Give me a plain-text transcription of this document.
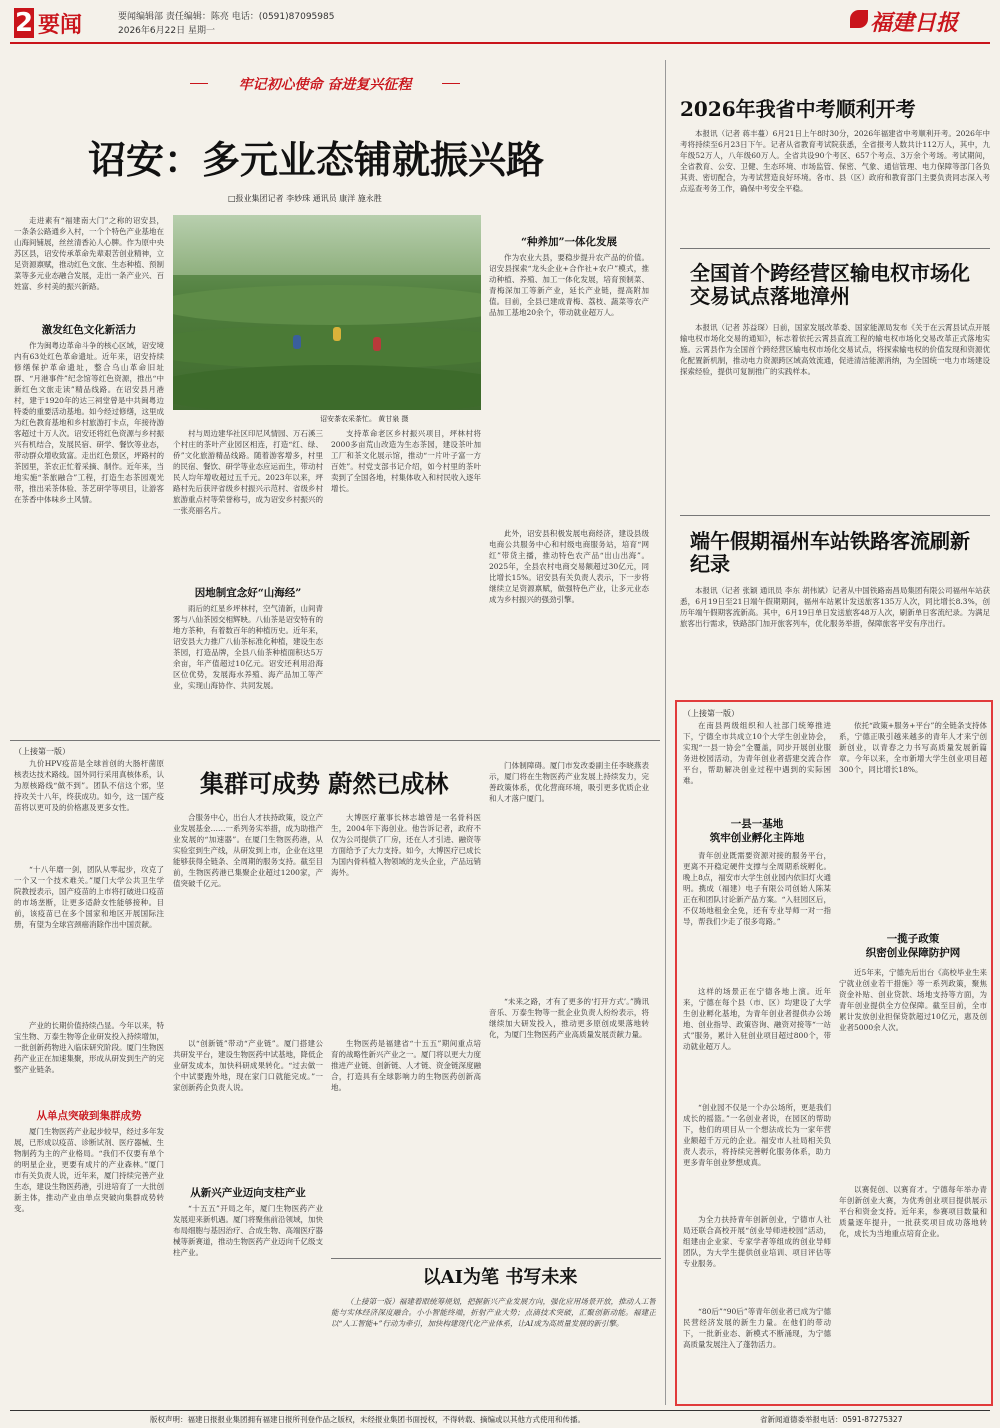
2 要闻	要闻编辑部 责任编辑：陈亮 电话：(0591)87095985
2026年6月22日 星期一	福建日报
牢记初心使命 奋进复兴征程
诏安：多元业态铺就振兴路
□报业集团记者 李妙珠 通讯员 康洋 施永胜
走进素有“福建南大门”之称的诏安县，一条条公路通乡入村，一个个特色产业基地在山海间铺展，丝丝清香沁人心脾。作为原中央苏区县，诏安传承革命先辈艰苦创业精神，立足资源禀赋，推动红色文旅、生态种植、预制菜等多元业态融合发展，走出一条产业兴、百姓富、乡村美的振兴新路。
激发红色文化新活力
作为闽粤边革命斗争的核心区域，诏安境内有63处红色革命遗址。近年来，诏安持续修缮保护革命遗址，整合乌山革命旧址群、“月港事件”纪念馆等红色资源，推出“中新红色文旅走读”精品线路。在诏安县月港村，建于1920年的达三祠堂曾是中共闽粤边特委的重要活动基地。如今经过修缮，这里成为红色教育基地和乡村旅游打卡点，年接待游客超过十万人次。诏安还将红色资源与乡村振兴有机结合，发展民宿、研学、餐饮等业态，带动群众增收致富。走出红色景区，坪路村的茶园里，茶农正忙着采摘、制作。近年来，当地实施“茶旅融合”工程，打造生态茶园观光带，推出采茶体验、茶艺研学等项目，让游客在茶香中体味乡土风情。
诏安茶农采茶忙。 黄甘泉 摄
村与周边建华社区印尼风情园、万石溪三个村庄的茶叶产业园区相连，打造“红、绿、侨”文化旅游精品线路。随着游客增多，村里的民宿、餐饮、研学等业态应运而生，带动村民人均年增收超过五千元。2023年以来，坪路村先后获评省级乡村振兴示范村、省级乡村旅游重点村等荣誉称号，成为诏安乡村振兴的一张亮丽名片。
因地制宜念好“山海经”
雨后的红星乡坪林村，空气清新，山间青雾与八仙茶园交相辉映。八仙茶是诏安特有的地方茶种，有着数百年的种植历史。近年来，诏安县大力推广八仙茶标准化种植，建设生态茶园，打造品牌，全县八仙茶种植面积达5万余亩，年产值超过10亿元。诏安还利用沿海区位优势，发展海水养殖、海产品加工等产业，实现山海协作、共同发展。
支持革命老区乡村振兴项目，坪林村将2000多亩荒山改造为生态茶园，建设茶叶加工厂和茶文化展示馆，推动“一片叶子富一方百姓”。村党支部书记介绍，如今村里的茶叶卖到了全国各地，村集体收入和村民收入逐年增长。
“种养加”一体化发展
作为农业大县，要稳步提升农产品的价值。诏安县探索“龙头企业+合作社+农户”模式，推动种植、养殖、加工一体化发展，培育预制菜、青梅深加工等新产业，延长产业链，提高附加值。目前，全县已建成青梅、荔枝、蔬菜等农产品加工基地20余个，带动就业超万人。
此外，诏安县积极发展电商经济，建设县级电商公共服务中心和村级电商服务站，培育“网红”带货主播，推动特色农产品“出山出海”。2025年，全县农村电商交易额超过30亿元，同比增长15%。诏安县有关负责人表示，下一步将继续立足资源禀赋，做强特色产业，让多元业态成为乡村振兴的强劲引擎。
2026年我省中考顺利开考
本报讯（记者 蒋丰蔓）6月21日上午8时30分，2026年福建省中考顺利开考。2026年中考将持续至6月23日下午。记者从省教育考试院获悉，全省报考人数共计112万人，其中，九年级52万人，八年级60万人。全省共设90个考区、657个考点、3万余个考场。考试期间，全省教育、公安、卫健、生态环境、市场监管、保密、气象、通信管理、电力保障等部门各负其责、密切配合，为考试营造良好环境。各市、县（区）政府和教育部门主要负责同志深入考点巡查考务工作，确保中考安全平稳。
全国首个跨经营区输电权市场化交易试点落地漳州
本报讯（记者 苏益琛）日前，国家发展改革委、国家能源局发布《关于在云霄县试点开展输电权市场化交易的通知》，标志着依托云霄县直流工程的输电权市场化交易改革正式落地实施。云霄县作为全国首个跨经营区输电权市场化交易试点，将探索输电权的价值发现和资源优化配置新机制，推动电力资源跨区域高效流通，促进清洁能源消纳，为全国统一电力市场建设探索经验，提供可复制推广的实践样本。
端午假期福州车站铁路客流刷新纪录
本报讯（记者 张颖 通讯员 李东 胡伟斌）记者从中国铁路南昌局集团有限公司福州车站获悉，6月19日至21日端午假期期间，福州车站累计发送旅客135万人次，同比增长8.3%，创历年端午假期客流新高。其中，6月19日单日发送旅客48万人次，刷新单日客流纪录。为满足旅客出行需求，铁路部门加开旅客列车，优化服务举措，保障旅客平安有序出行。
（上接第一版）
在南县两级组织和人社部门统筹推进下，宁德全市共成立10个大学生创业协会，实现“一县一协会”全覆盖，同步开展创业服务进校园活动，为青年创业者搭建交流合作平台，帮助解决创业过程中遇到的实际困难。
一县一基地
筑牢创业孵化主阵地
青年创业既需要资源对接的服务平台，更离不开稳定硬件支撑与全周期系统孵化。晚上8点，福安市大学生创业园内依旧灯火通明。携成（福建）电子有限公司创始人陈某正在和团队讨论新产品方案。“入驻园区后，不仅场地租金全免，还有专业导师一对一指导，帮我们少走了很多弯路。”
这样的场景正在宁德各地上演。近年来，宁德在每个县（市、区）均建设了大学生创业孵化基地，为青年创业者提供办公场地、创业指导、政策咨询、融资对接等“一站式”服务，累计入驻创业项目超过800个，带动就业超万人。
“创业园不仅是一个办公场所，更是我们成长的摇篮。”一名创业者说，在园区的帮助下，他们的项目从一个想法成长为一家年营业额超千万元的企业。福安市人社局相关负责人表示，将持续完善孵化服务体系，助力更多青年创业梦想成真。
为全力扶持青年创新创业，宁德市人社局还联合高校开展“创业导师进校园”活动，组建由企业家、专家学者等组成的创业导师团队，为大学生提供创业培训、项目评估等专业服务。
“80后”“90后”等青年创业者已成为宁德民营经济发展的新生力量。在他们的带动下，一批新业态、新模式不断涌现，为宁德高质量发展注入了蓬勃活力。
一揽子政策
织密创业保障防护网
依托“政策+服务+平台”的全链条支持体系，宁德正吸引越来越多的青年人才来宁创新创业，以青春之力书写高质量发展新篇章。今年以来，全市新增大学生创业项目超300个，同比增长18%。
近5年来，宁德先后出台《高校毕业生来宁就业创业若干措施》等一系列政策，聚焦资金补贴、创业贷款、场地支持等方面，为青年创业提供全方位保障。截至目前，全市累计发放创业担保贷款超过10亿元，惠及创业者5000余人次。
以赛促创、以赛育才。宁德每年举办青年创新创业大赛，为优秀创业项目提供展示平台和资金支持。近年来，参赛项目数量和质量逐年提升，一批获奖项目成功落地转化，成长为当地重点培育企业。
（上接第一版）
九价HPV疫苗是全球首创的大肠杆菌原核表达技术路线。国外同行采用真核体系，认为原核路线“做不到”。团队不信这个邪，坚持攻关十八年，终获成功。如今，这一国产疫苗将以更可及的价格惠及更多女性。
“十八年磨一剑，团队从零起步，攻克了一个又一个技术难关。”厦门大学公共卫生学院教授表示，国产疫苗的上市将打破进口疫苗的市场垄断，让更多适龄女性能够接种。目前，该疫苗已在多个国家和地区开展国际注册，有望为全球宫颈癌消除作出中国贡献。
产业的长期价值持续凸显。今年以来，特宝生物、万泰生物等企业研发投入持续增加，一批创新药物进入临床研究阶段。厦门生物医药产业正在加速集聚，形成从研发到生产的完整产业链条。
从单点突破到集群成势
厦门生物医药产业起步较早，经过多年发展，已形成以疫苗、诊断试剂、医疗器械、生物制药为主的产业格局。“我们不仅要有单个的明星企业，更要有成片的产业森林。”厦门市有关负责人说，近年来，厦门持续完善产业生态，建设生物医药港，引进培育了一大批创新主体，推动产业由单点突破向集群成势转变。
集群可成势 蔚然已成林
合服务中心，出台人才扶持政策，设立产业发展基金……一系列务实举措，成为助推产业发展的“加速器”。在厦门生物医药港，从实验室到生产线，从研发到上市，企业在这里能够获得全链条、全周期的服务支持。截至目前，生物医药港已集聚企业超过1200家，产值突破千亿元。
以“创新链”带动“产业链”。厦门搭建公共研发平台，建设生物医药中试基地，降低企业研发成本，加快科研成果转化。“过去做一个中试要跑外地，现在家门口就能完成。”一家创新药企负责人说。
从新兴产业迈向支柱产业
“十五五”开局之年，厦门生物医药产业发展迎来新机遇。厦门将聚焦前沿领域，加快布局细胞与基因治疗、合成生物、高端医疗器械等新赛道，推动生物医药产业迈向千亿级支柱产业。
大博医疗董事长林志雄曾是一名骨科医生，2004年下海创业。他告诉记者，政府不仅为公司提供了厂房，还在人才引进、融资等方面给予了大力支持。如今，大博医疗已成长为国内骨科植入物领域的龙头企业，产品远销海外。
生物医药是福建省“十五五”期间重点培育的战略性新兴产业之一。厦门将以更大力度推进产业链、创新链、人才链、资金链深度融合，打造具有全球影响力的生物医药创新高地。
门体制障碍。厦门市发改委副主任李晓燕表示，厦门将在生物医药产业发展上持续发力，完善政策体系，优化营商环境，吸引更多优质企业和人才落户厦门。
“未来之路，才有了更多的‘打开方式’。”腾讯音乐、万泰生物等一批企业负责人纷纷表示，将继续加大研发投入，推动更多原创成果落地转化，为厦门生物医药产业高质量发展贡献力量。
以AI为笔 书写未来
（上接第一版）福建着眼统筹规划，把握新兴产业发展方向，强化应用场景开放，推动人工智能与实体经济深度融合。小小智能终端，折射产业大势；点滴技术突破，汇聚创新动能。福建正以“人工智能+”行动为牵引，加快构建现代化产业体系，让AI成为高质量发展的新引擎。
版权声明：福建日报报业集团拥有福建日报所刊登作品之版权，未经报业集团书面授权，不得转载、摘编或以其他方式使用和传播。	省新闻道德委举报电话：0591-87275327
